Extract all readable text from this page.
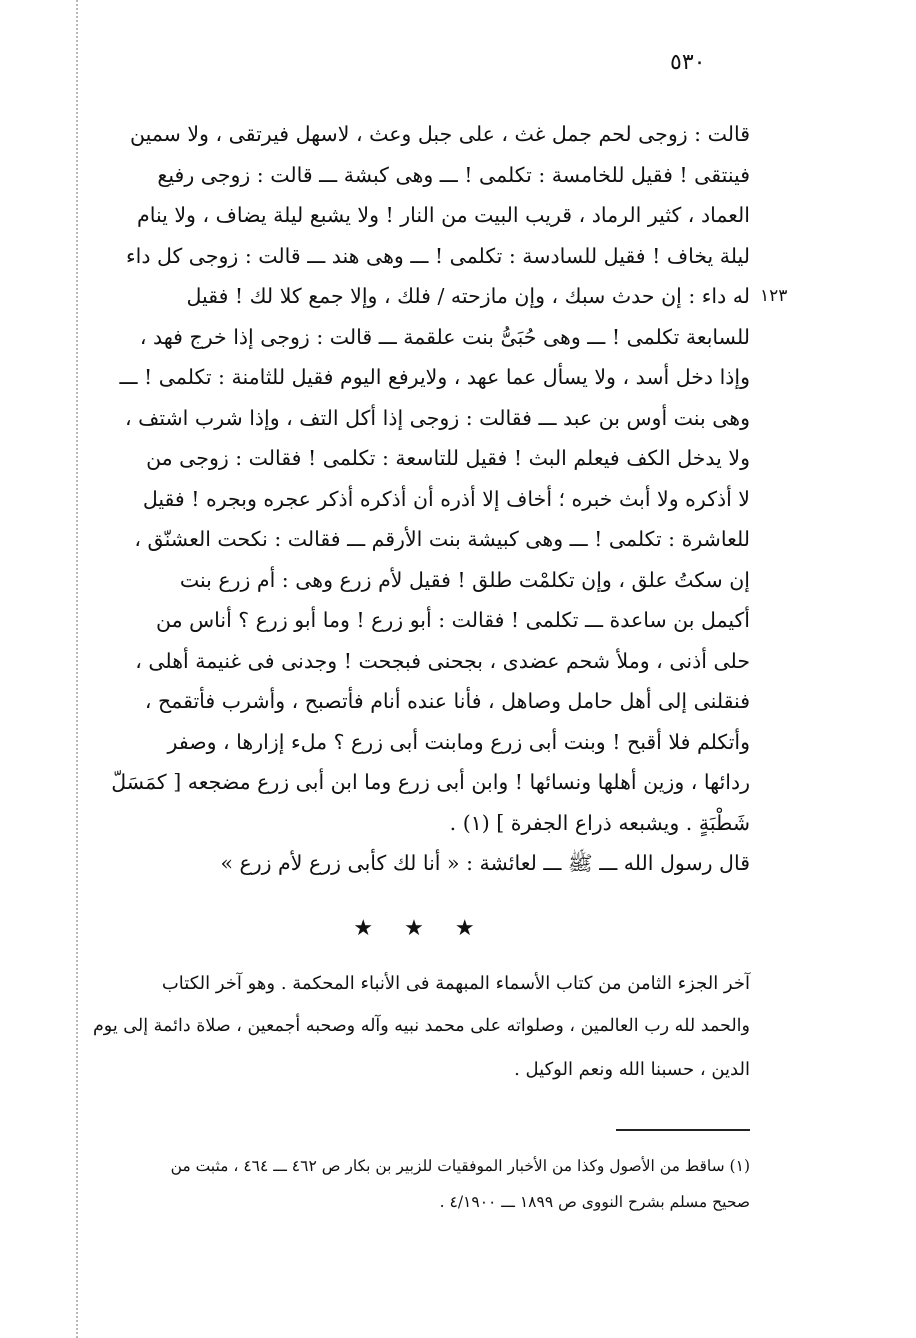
٥٣٠
١٢٣
قالت : زوجى لحم جمل غث ، على جبل وعث ، لاسهل فيرتقى ، ولا سمين
فينتقى ! فقيل للخامسة : تكلمى ! ـــ وهى كبشة ـــ قالت : زوجى رفيع
العماد ، كثير الرماد ، قريب البيت من النار ! ولا يشبع ليلة يضاف ، ولا ينام
ليلة يخاف ! فقيل للسادسة : تكلمى ! ـــ وهى هند ـــ قالت : زوجى كل داء
له داء : إن حدث سبك ، وإن مازحته / فلك ، وإلا جمع كلا لك ! فقيل
للسابعة تكلمى ! ـــ وهى حُبَىُّ بنت علقمة ـــ قالت : زوجى إذا خرج فهد ،
وإذا دخل أسد ، ولا يسأل عما عهد ، ولايرفع اليوم فقيل للثامنة : تكلمى ! ـــ
وهى بنت أوس بن عبد ـــ فقالت : زوجى إذا أكل التف ، وإذا شرب اشتف ،
ولا يدخل الكف فيعلم البث ! فقيل للتاسعة : تكلمى ! فقالت : زوجى من
لا أذكره ولا أبث خبره ؛ أخاف إلا أذره أن أذكره أذكر عجره وبجره ! فقيل
للعاشرة : تكلمى ! ـــ وهى كبيشة بنت الأرقم ـــ فقالت : نكحت العشنّق ،
إن سكتُ علق ، وإن تكلمْت طلق ! فقيل لأم زرع وهى : أم زرع بنت
أكيمل بن ساعدة ـــ تكلمى ! فقالت : أبو زرع ! وما أبو زرع ؟ أناس من
حلى أذنى ، وملأ شحم عضدى ، بجحنى فبجحت ! وجدنى فى غنيمة أهلى ،
فنقلنى إلى أهل حامل وصاهل ، فأنا عنده أنام فأتصبح ، وأشرب فأتقمح ،
وأتكلم فلا أقبح ! وبنت أبى زرع ومابنت أبى زرع ؟ ملء إزارها ، وصفر
ردائها ، وزين أهلها ونسائها ! وابن أبى زرع وما ابن أبى زرع مضجعه [ كمَسَلّ
شَطْبَةٍ . ويشبعه ذراع الجفرة ] (١) .
قال رسول الله ـــ ﷺ ـــ لعائشة : « أنا لك كأبى زرع لأم زرع »
★ ★ ★
آخر الجزء الثامن من كتاب الأسماء المبهمة فى الأنباء المحكمة . وهو آخر الكتاب
والحمد لله رب العالمين ، وصلواته على محمد نبيه وآله وصحبه أجمعين ، صلاة دائمة إلى يوم
الدين ، حسبنا الله ونعم الوكيل .
(١) ساقط من الأصول وكذا من الأخبار الموفقيات للزبير بن بكار ص ٤٦٢ ـــ ٤٦٤ ، مثبت من
صحيح مسلم بشرح النووى ص ١٨٩٩ ـــ ٤/١٩٠٠ .
